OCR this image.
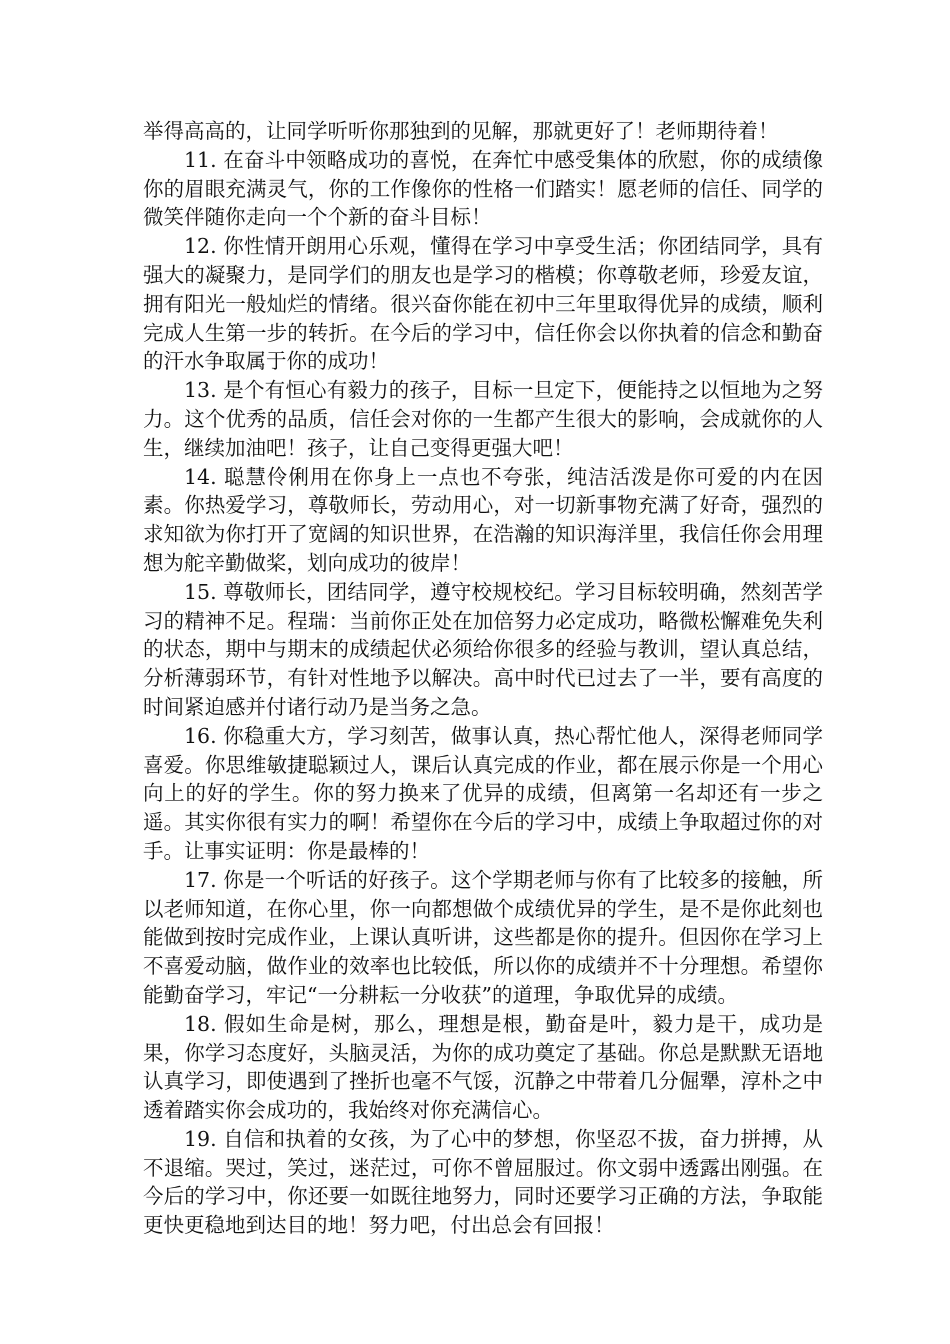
举得高高的，让同学听听你那独到的见解，那就更好了！老师期待着！

11. 在奋斗中领略成功的喜悦，在奔忙中感受集体的欣慰，你的成绩像你的眉眼充满灵气，你的工作像你的性格一们踏实！愿老师的信任、同学的微笑伴随你走向一个个新的奋斗目标！

12. 你性情开朗用心乐观，懂得在学习中享受生活；你团结同学，具有强大的凝聚力，是同学们的朋友也是学习的楷模；你尊敬老师，珍爱友谊，拥有阳光一般灿烂的情绪。很兴奋你能在初中三年里取得优异的成绩，顺利完成人生第一步的转折。在今后的学习中，信任你会以你执着的信念和勤奋的汗水争取属于你的成功！

13. 是个有恒心有毅力的孩子，目标一旦定下，便能持之以恒地为之努力。这个优秀的品质，信任会对你的一生都产生很大的影响，会成就你的人生，继续加油吧！孩子，让自己变得更强大吧！

14. 聪慧伶俐用在你身上一点也不夸张，纯洁活泼是你可爱的内在因素。你热爱学习，尊敬师长，劳动用心，对一切新事物充满了好奇，强烈的求知欲为你打开了宽阔的知识世界，在浩瀚的知识海洋里，我信任你会用理想为舵辛勤做桨，划向成功的彼岸！

15. 尊敬师长，团结同学，遵守校规校纪。学习目标较明确，然刻苦学习的精神不足。程瑞：当前你正处在加倍努力必定成功，略微松懈难免失利的状态，期中与期末的成绩起伏必须给你很多的经验与教训，望认真总结，分析薄弱环节，有针对性地予以解决。高中时代已过去了一半，要有高度的时间紧迫感并付诸行动乃是当务之急。

16. 你稳重大方，学习刻苦，做事认真，热心帮忙他人，深得老师同学喜爱。你思维敏捷聪颖过人，课后认真完成的作业，都在展示你是一个用心向上的好的学生。你的努力换来了优异的成绩，但离第一名却还有一步之遥。其实你很有实力的啊！希望你在今后的学习中，成绩上争取超过你的对手。让事实证明：你是最棒的！

17. 你是一个听话的好孩子。这个学期老师与你有了比较多的接触，所以老师知道，在你心里，你一向都想做个成绩优异的学生，是不是你此刻也能做到按时完成作业，上课认真听讲，这些都是你的提升。但因你在学习上不喜爱动脑，做作业的效率也比较低，所以你的成绩并不十分理想。希望你能勤奋学习，牢记“一分耕耘一分收获”的道理，争取优异的成绩。

18. 假如生命是树，那么，理想是根，勤奋是叶，毅力是干，成功是果，你学习态度好，头脑灵活，为你的成功奠定了基础。你总是默默无语地认真学习，即使遇到了挫折也毫不气馁，沉静之中带着几分倔犟，淳朴之中透着踏实你会成功的，我始终对你充满信心。

19. 自信和执着的女孩，为了心中的梦想，你坚忍不拔，奋力拼搏，从不退缩。哭过，笑过，迷茫过，可你不曾屈服过。你文弱中透露出刚强。在今后的学习中，你还要一如既往地努力，同时还要学习正确的方法，争取能更快更稳地到达目的地！努力吧，付出总会有回报！
